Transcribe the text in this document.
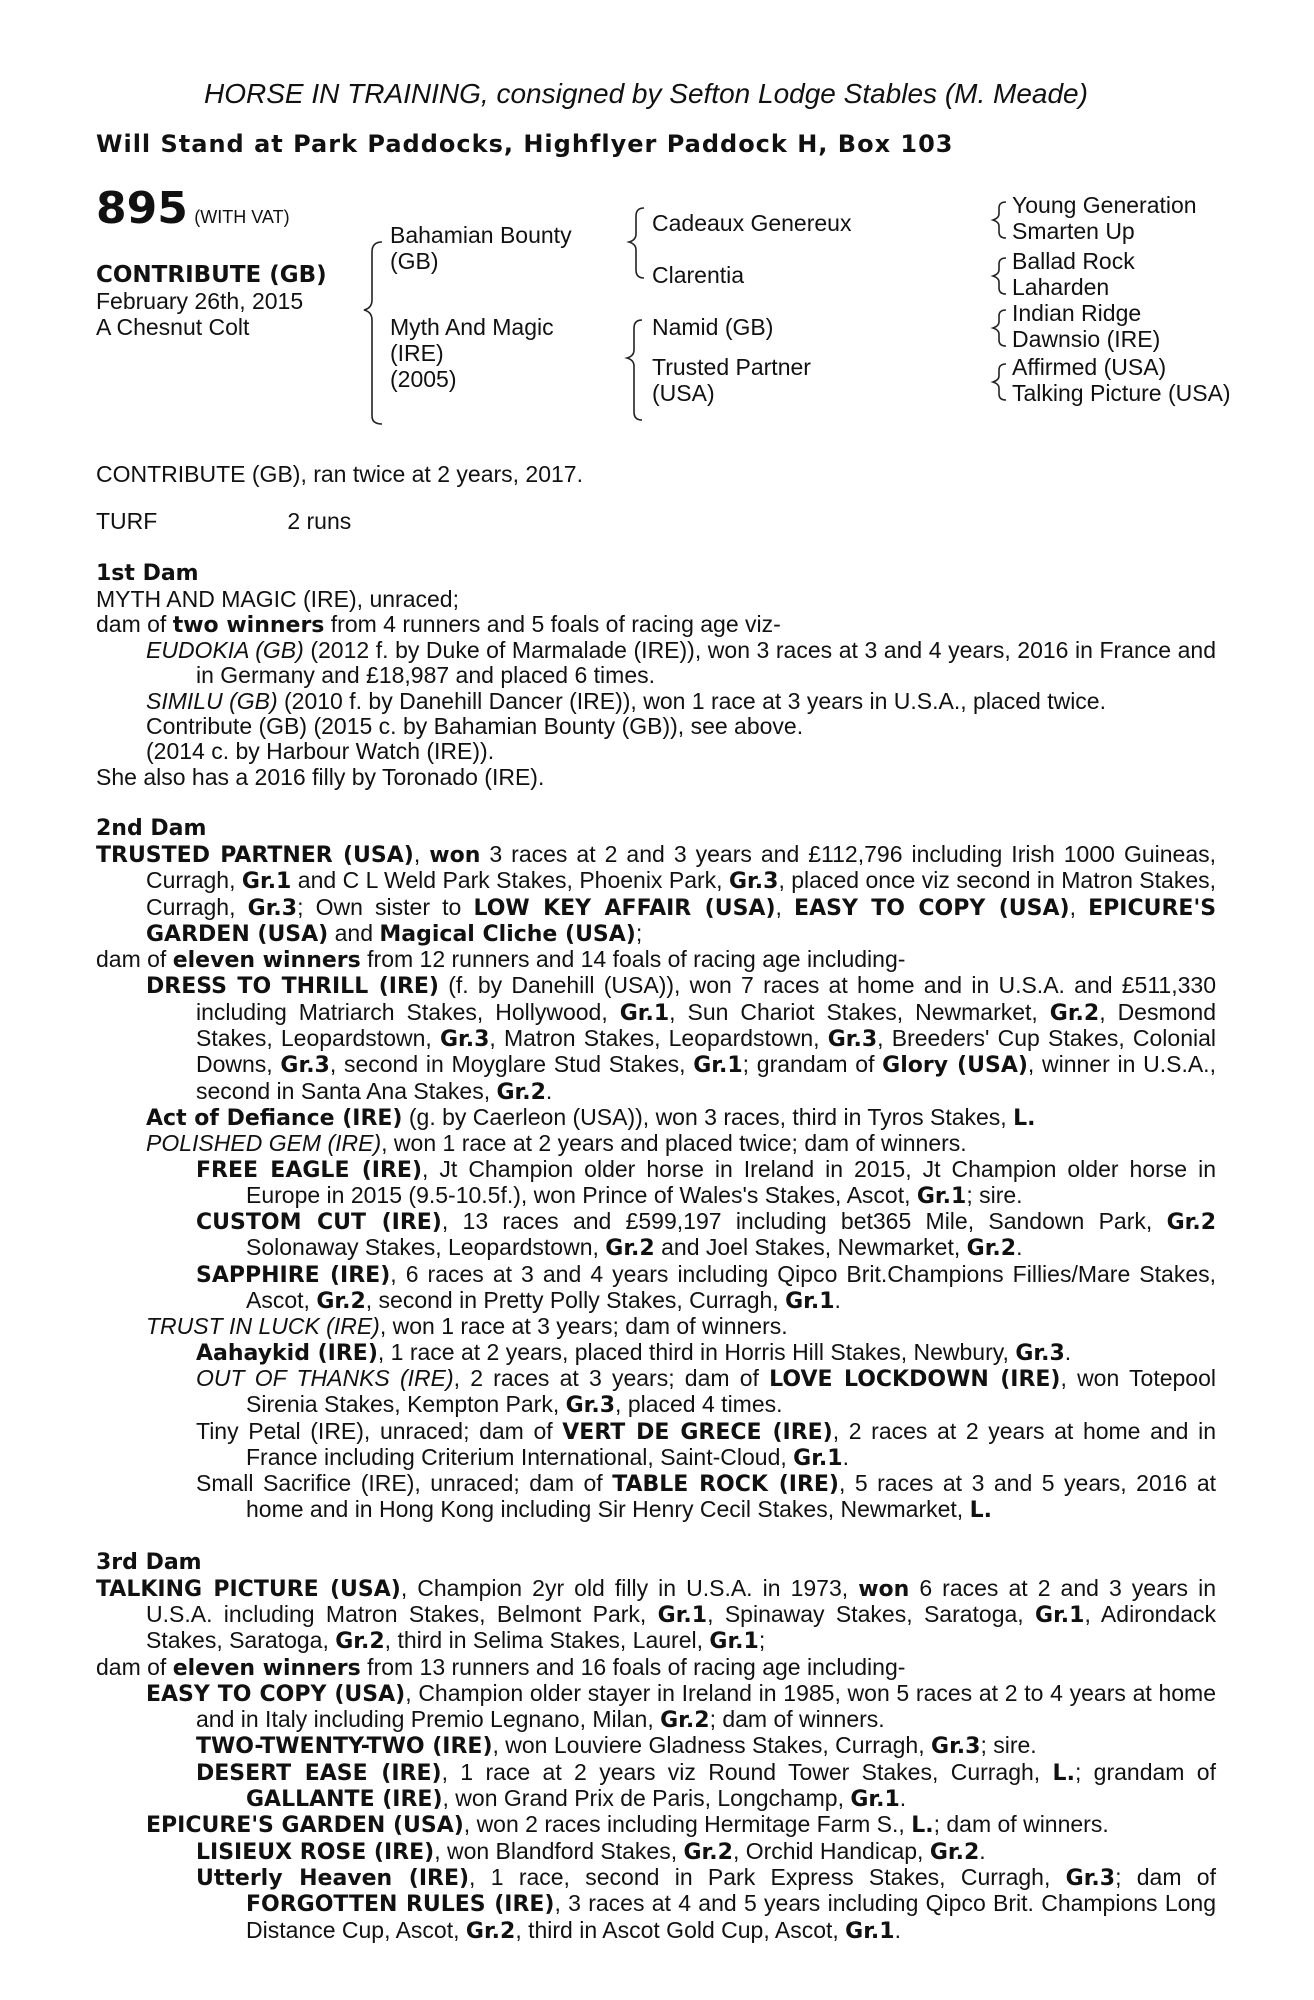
HORSE IN TRAINING, consigned by Sefton Lodge Stables (M. Meade)
Will Stand at Park Paddocks, Highflyer Paddock H, Box 103
895 (WITH VAT)
CONTRIBUTE (GB)
February 26th, 2015
A Chesnut Colt
Bahamian Bounty
(GB)
Myth And Magic
(IRE)
(2005)
Cadeaux Genereux
Clarentia
Namid (GB)
Trusted Partner
(USA)
Young Generation
Smarten Up
Ballad Rock
Laharden
Indian Ridge
Dawnsio (IRE)
Affirmed (USA)
Talking Picture (USA)

CONTRIBUTE (GB), ran twice at 2 years, 2017.

TURF	2 runs

1st Dam

MYTH AND MAGIC (IRE), unraced;

dam of two winners from 4 runners and 5 foals of racing age viz-

EUDOKIA (GB) (2012 f. by Duke of Marmalade (IRE)), won 3 races at 3 and 4 years, 2016 in France and in Germany and £18,987 and placed 6 times.

SIMILU (GB) (2010 f. by Danehill Dancer (IRE)), won 1 race at 3 years in U.S.A., placed twice.

Contribute (GB) (2015 c. by Bahamian Bounty (GB)), see above.

(2014 c. by Harbour Watch (IRE)).

She also has a 2016 filly by Toronado (IRE).

2nd Dam

TRUSTED PARTNER (USA), won 3 races at 2 and 3 years and £112,796 including Irish 1000 Guineas, Curragh, Gr.1 and C L Weld Park Stakes, Phoenix Park, Gr.3, placed once viz second in Matron Stakes, Curragh, Gr.3; Own sister to LOW KEY AFFAIR (USA), EASY TO COPY (USA), EPICURE'S GARDEN (USA) and Magical Cliche (USA);

dam of eleven winners from 12 runners and 14 foals of racing age including-

DRESS TO THRILL (IRE) (f. by Danehill (USA)), won 7 races at home and in U.S.A. and £511,330 including Matriarch Stakes, Hollywood, Gr.1, Sun Chariot Stakes, Newmarket, Gr.2, Desmond Stakes, Leopardstown, Gr.3, Matron Stakes, Leopardstown, Gr.3, Breeders' Cup Stakes, Colonial Downs, Gr.3, second in Moyglare Stud Stakes, Gr.1; grandam of Glory (USA), winner in U.S.A., second in Santa Ana Stakes, Gr.2.

Act of Defiance (IRE) (g. by Caerleon (USA)), won 3 races, third in Tyros Stakes, L.

POLISHED GEM (IRE), won 1 race at 2 years and placed twice; dam of winners.

FREE EAGLE (IRE), Jt Champion older horse in Ireland in 2015, Jt Champion older horse in Europe in 2015 (9.5-10.5f.), won Prince of Wales's Stakes, Ascot, Gr.1; sire.

CUSTOM CUT (IRE), 13 races and £599,197 including bet365 Mile, Sandown Park, Gr.2 Solonaway Stakes, Leopardstown, Gr.2 and Joel Stakes, Newmarket, Gr.2.

SAPPHIRE (IRE), 6 races at 3 and 4 years including Qipco Brit.Champions Fillies/Mare Stakes, Ascot, Gr.2, second in Pretty Polly Stakes, Curragh, Gr.1.

TRUST IN LUCK (IRE), won 1 race at 3 years; dam of winners.

Aahaykid (IRE), 1 race at 2 years, placed third in Horris Hill Stakes, Newbury, Gr.3.

OUT OF THANKS (IRE), 2 races at 3 years; dam of LOVE LOCKDOWN (IRE), won Totepool Sirenia Stakes, Kempton Park, Gr.3, placed 4 times.

Tiny Petal (IRE), unraced; dam of VERT DE GRECE (IRE), 2 races at 2 years at home and in France including Criterium International, Saint-Cloud, Gr.1.

Small Sacrifice (IRE), unraced; dam of TABLE ROCK (IRE), 5 races at 3 and 5 years, 2016 at home and in Hong Kong including Sir Henry Cecil Stakes, Newmarket, L.

3rd Dam

TALKING PICTURE (USA), Champion 2yr old filly in U.S.A. in 1973, won 6 races at 2 and 3 years in U.S.A. including Matron Stakes, Belmont Park, Gr.1, Spinaway Stakes, Saratoga, Gr.1, Adirondack Stakes, Saratoga, Gr.2, third in Selima Stakes, Laurel, Gr.1;

dam of eleven winners from 13 runners and 16 foals of racing age including-

EASY TO COPY (USA), Champion older stayer in Ireland in 1985, won 5 races at 2 to 4 years at home and in Italy including Premio Legnano, Milan, Gr.2; dam of winners.

TWO-TWENTY-TWO (IRE), won Louviere Gladness Stakes, Curragh, Gr.3; sire.

DESERT EASE (IRE), 1 race at 2 years viz Round Tower Stakes, Curragh, L.; grandam of GALLANTE (IRE), won Grand Prix de Paris, Longchamp, Gr.1.

EPICURE'S GARDEN (USA), won 2 races including Hermitage Farm S., L.; dam of winners.

LISIEUX ROSE (IRE), won Blandford Stakes, Gr.2, Orchid Handicap, Gr.2.

Utterly Heaven (IRE), 1 race, second in Park Express Stakes, Curragh, Gr.3; dam of FORGOTTEN RULES (IRE), 3 races at 4 and 5 years including Qipco Brit. Champions Long Distance Cup, Ascot, Gr.2, third in Ascot Gold Cup, Ascot, Gr.1.
